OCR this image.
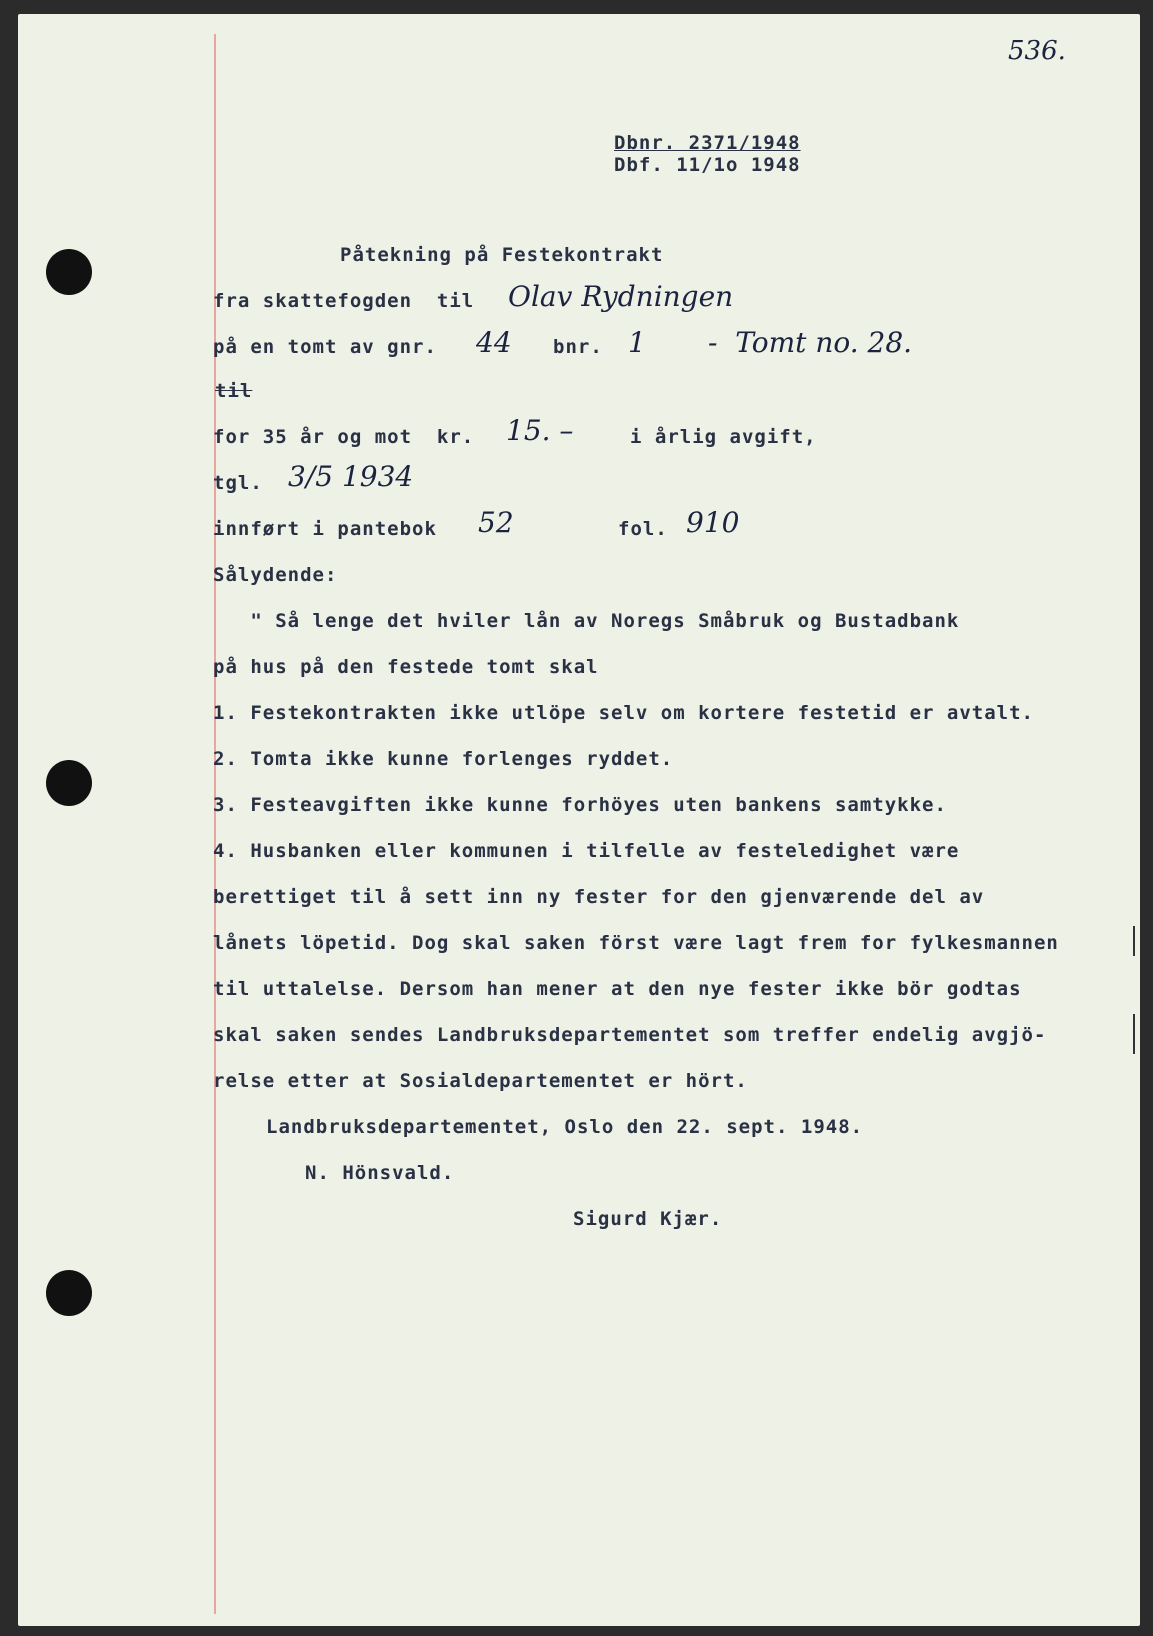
536.
Dbnr. 2371/1948
Dbf. 11/1o 1948
Påtekning på Festekontrakt
fra skattefogden  til Olav Rydningen
på en tomt av gnr. 44 bnr. 1 -  Tomt no. 28.
til
for 35 år og mot  kr. 15. –	i årlig avgift,
tgl. 3/5 1934
innført i pantebok 52	fol. 910
Sålydende:
" Så lenge det hviler lån av Noregs Småbruk og Bustadbank
på hus på den festede tomt skal
1. Festekontrakten ikke utlöpe selv om kortere festetid er avtalt.
2. Tomta ikke kunne forlenges ryddet.
3. Festeavgiften ikke kunne forhöyes uten bankens samtykke.
4. Husbanken eller kommunen i tilfelle av festeledighet være
berettiget til å sett inn ny fester for den gjenværende del av
lånets löpetid. Dog skal saken först være lagt frem for fylkesmannen
til uttalelse. Dersom han mener at den nye fester ikke bör godtas
skal saken sendes Landbruksdepartementet som treffer endelig avgjö-
relse etter at Sosialdepartementet er hört.
Landbruksdepartementet, Oslo den 22. sept. 1948.
N. Hönsvald.
Sigurd Kjær.
